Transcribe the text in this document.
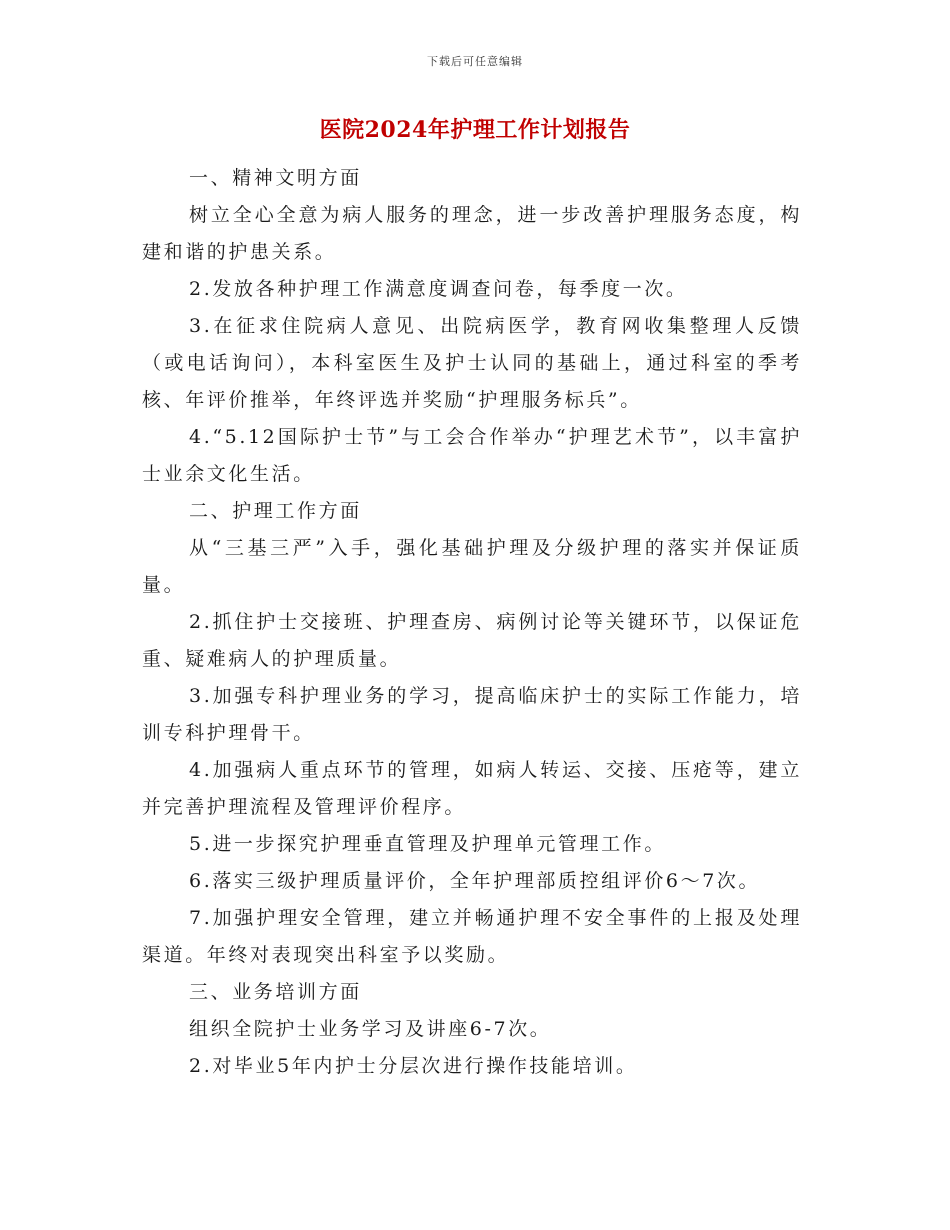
下载后可任意编辑
医院2024年护理工作计划报告

一、精神文明方面

树立全心全意为病人服务的理念，进一步改善护理服务态度，构建和谐的护患关系。

2.发放各种护理工作满意度调查问卷，每季度一次。

3.在征求住院病人意见、出院病医学，教育网收集整理人反馈（或电话询问），本科室医生及护士认同的基础上，通过科室的季考核、年评价推举，年终评选并奖励“护理服务标兵”。

4.“5.12国际护士节”与工会合作举办“护理艺术节”，以丰富护士业余文化生活。

二、护理工作方面

从“三基三严”入手，强化基础护理及分级护理的落实并保证质量。

2.抓住护士交接班、护理查房、病例讨论等关键环节，以保证危重、疑难病人的护理质量。

3.加强专科护理业务的学习，提高临床护士的实际工作能力，培训专科护理骨干。

4.加强病人重点环节的管理，如病人转运、交接、压疮等，建立并完善护理流程及管理评价程序。

5.进一步探究护理垂直管理及护理单元管理工作。

6.落实三级护理质量评价，全年护理部质控组评价6～7次。

7.加强护理安全管理，建立并畅通护理不安全事件的上报及处理渠道。年终对表现突出科室予以奖励。

三、业务培训方面

组织全院护士业务学习及讲座6-7次。

2.对毕业5年内护士分层次进行操作技能培训。
